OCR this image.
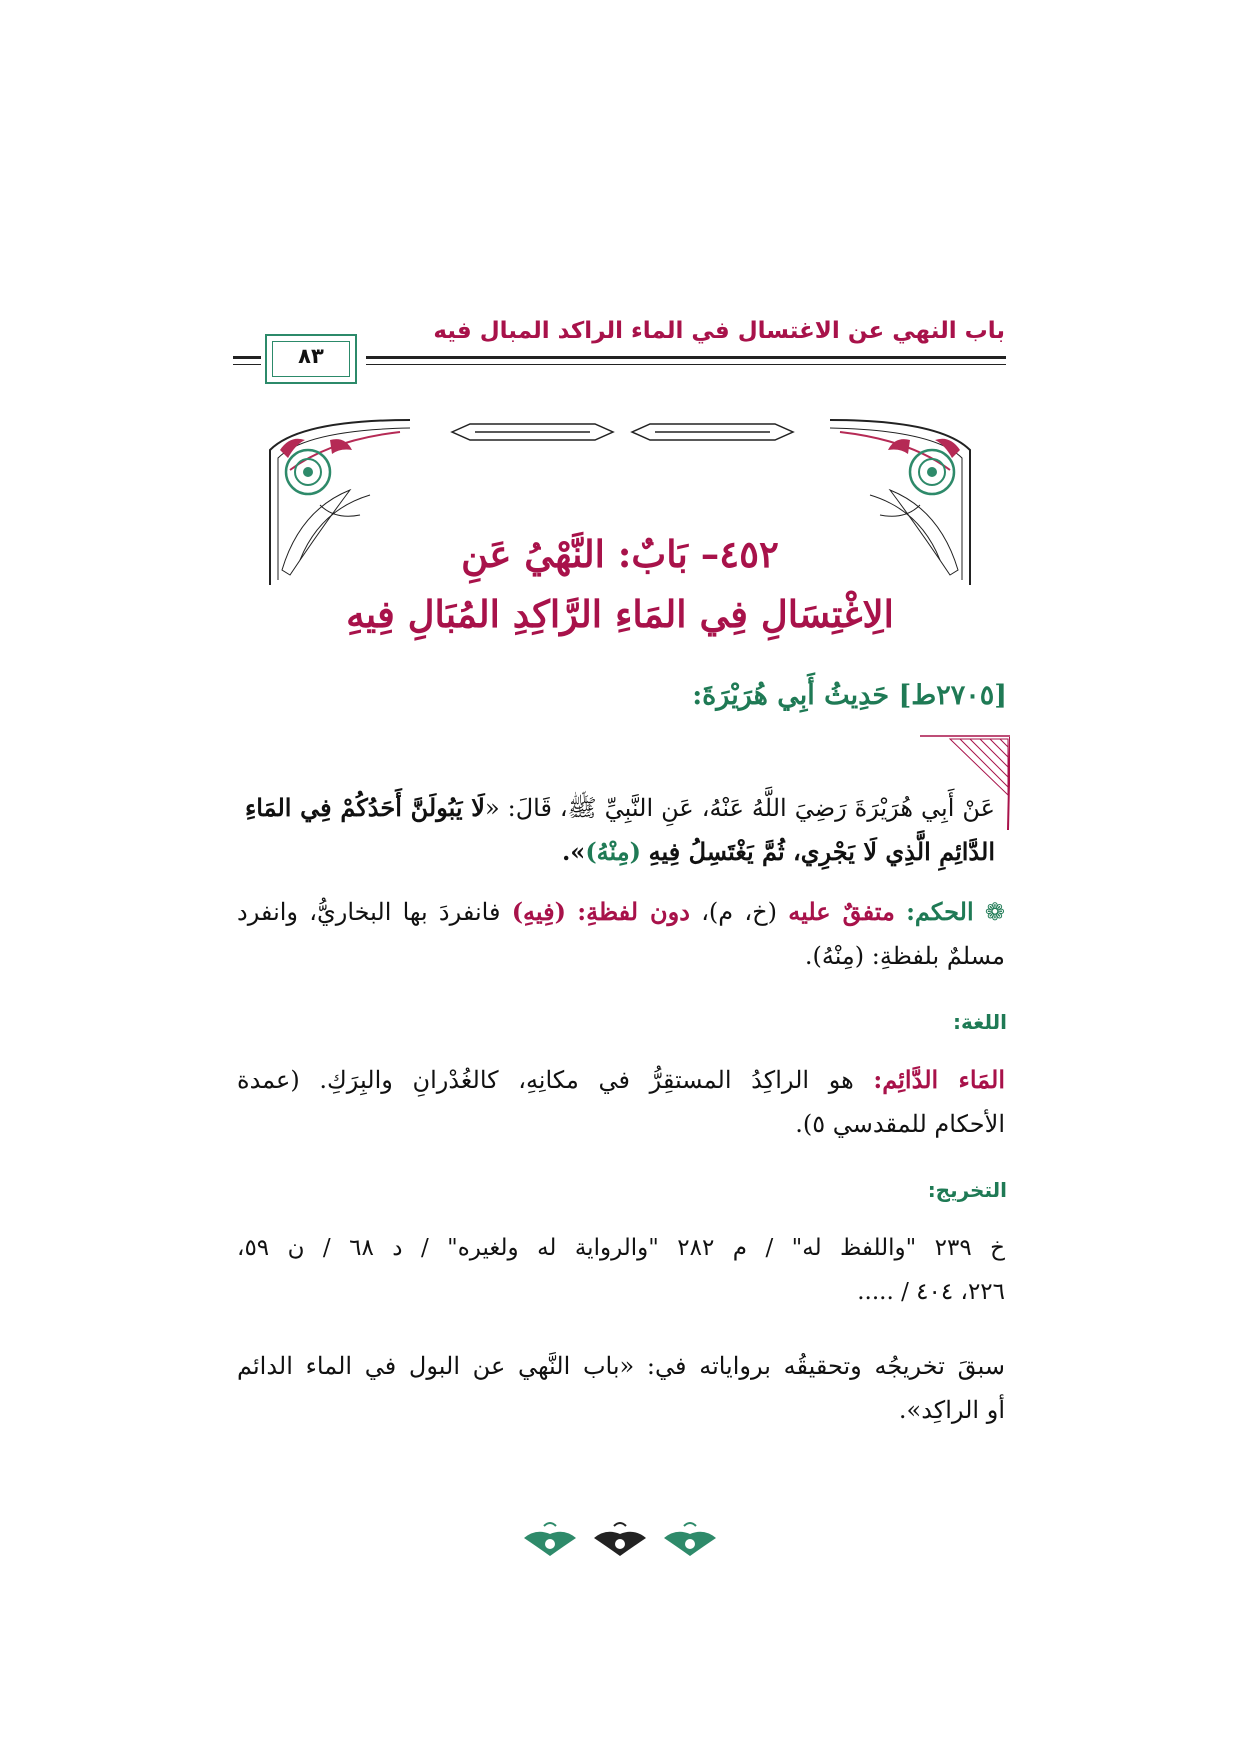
باب النهي عن الاغتسال في الماء الراكد المبال فيه
٨٣
٤٥٢– بَابٌ: النَّهْيُ عَنِ
الِاغْتِسَالِ فِي المَاءِ الرَّاكِدِ المُبَالِ فِيهِ
[٢٧٠٥ط] حَدِيثُ أَبِي هُرَيْرَةَ:
عَنْ أَبِي هُرَيْرَةَ رَضِيَ اللَّهُ عَنْهُ، عَنِ النَّبِيِّ ﷺ، قَالَ: «لَا يَبُولَنَّ أَحَدُكُمْ فِي المَاءِ
الدَّائِمِ الَّذِي لَا يَجْرِي، ثُمَّ يَغْتَسِلُ فِيهِ (مِنْهُ)».
❁ الحكم: متفقٌ عليه (خ، م)، دون لفظةِ: (فِيهِ) فانفردَ بها البخاريُّ، وانفرد
مسلمٌ بلفظةِ: (مِنْهُ).
اللغة:
المَاء الدَّائِم: هو الراكِدُ المستقِرُّ في مكانِهِ، كالغُدْرانِ والبِرَكِ. (عمدة
الأحكام للمقدسي ٥).
التخريج:
خ ٢٣٩ "واللفظ له" / م ٢٨٢ "والرواية له ولغيره" / د ٦٨ / ن ٥٩،
٢٢٦، ٤٠٤ / .....
سبقَ تخريجُه وتحقيقُه برواياته في: «باب النَّهي عن البول في الماء الدائم
أو الراكِد».
